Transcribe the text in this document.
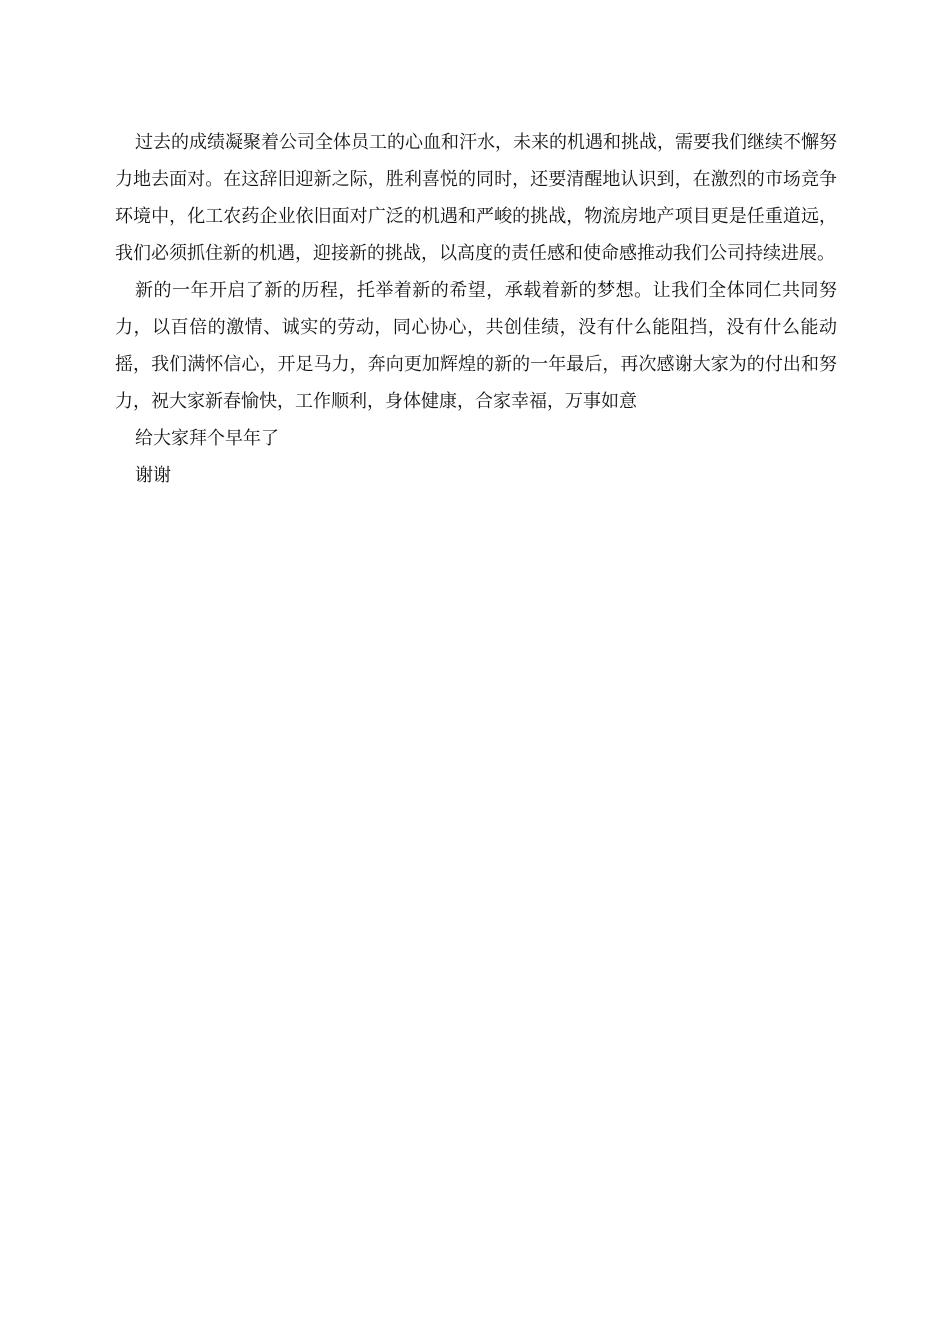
过去的成绩凝聚着公司全体员工的心血和汗水，未来的机遇和挑战，需要我们继续不懈努力地去面对。在这辞旧迎新之际，胜利喜悦的同时，还要清醒地认识到，在激烈的市场竞争环境中，化工农药企业依旧面对广泛的机遇和严峻的挑战，物流房地产项目更是任重道远，我们必须抓住新的机遇，迎接新的挑战，以高度的责任感和使命感推动我们公司持续进展。

新的一年开启了新的历程，托举着新的希望，承载着新的梦想。让我们全体同仁共同努力，以百倍的激情、诚实的劳动，同心协心，共创佳绩，没有什么能阻挡，没有什么能动摇，我们满怀信心，开足马力，奔向更加辉煌的新的一年最后，再次感谢大家为的付出和努力，祝大家新春愉快，工作顺利，身体健康，合家幸福，万事如意

给大家拜个早年了

谢谢
